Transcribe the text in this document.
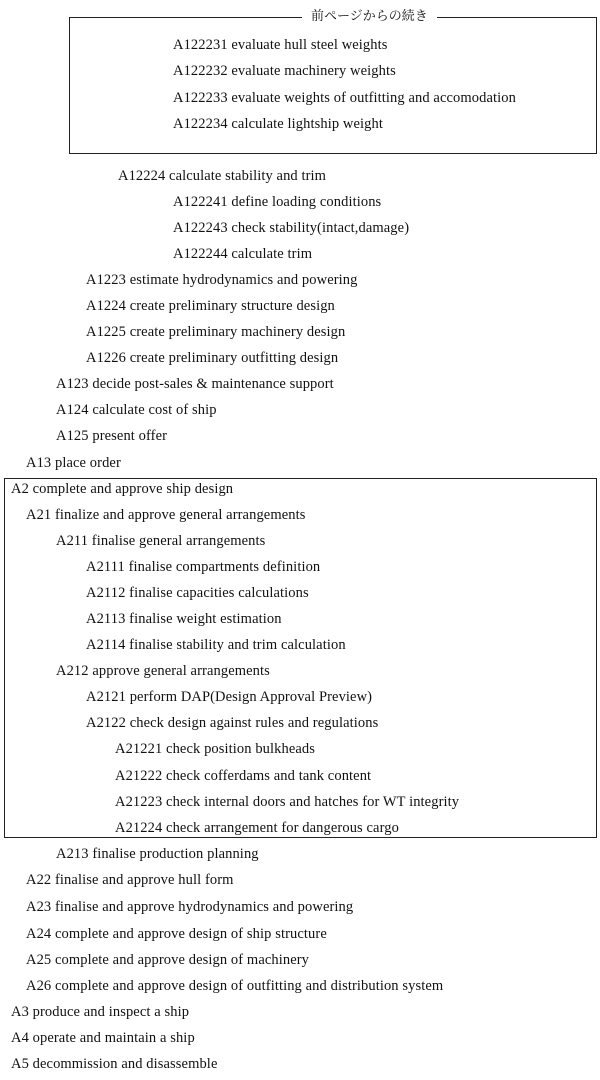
前ページからの続き
A122231 evaluate hull steel weights
A122232 evaluate machinery weights
A122233 evaluate weights of outfitting and accomodation
A122234 calculate lightship weight
A12224 calculate stability and trim
A122241 define loading conditions
A122243 check stability(intact,damage)
A122244 calculate trim
A1223 estimate hydrodynamics and powering
A1224 create preliminary structure design
A1225 create preliminary machinery design
A1226 create preliminary outfitting design
A123 decide post-sales & maintenance support
A124 calculate cost of ship
A125 present offer
A13 place order
A2 complete and approve ship design
A21 finalize and approve general arrangements
A211 finalise general arrangements
A2111 finalise compartments definition
A2112 finalise capacities calculations
A2113 finalise weight estimation
A2114 finalise stability and trim calculation
A212 approve general arrangements
A2121 perform DAP(Design Approval Preview)
A2122 check design against rules and regulations
A21221 check position bulkheads
A21222 check cofferdams and tank content
A21223 check internal doors and hatches for WT integrity
A21224 check arrangement for dangerous cargo
A213 finalise production planning
A22 finalise and approve hull form
A23 finalise and approve hydrodynamics and powering
A24 complete and approve design of ship structure
A25 complete and approve design of machinery
A26 complete and approve design of outfitting and distribution system
A3 produce and inspect a ship
A4 operate and maintain a ship
A5 decommission and disassemble
